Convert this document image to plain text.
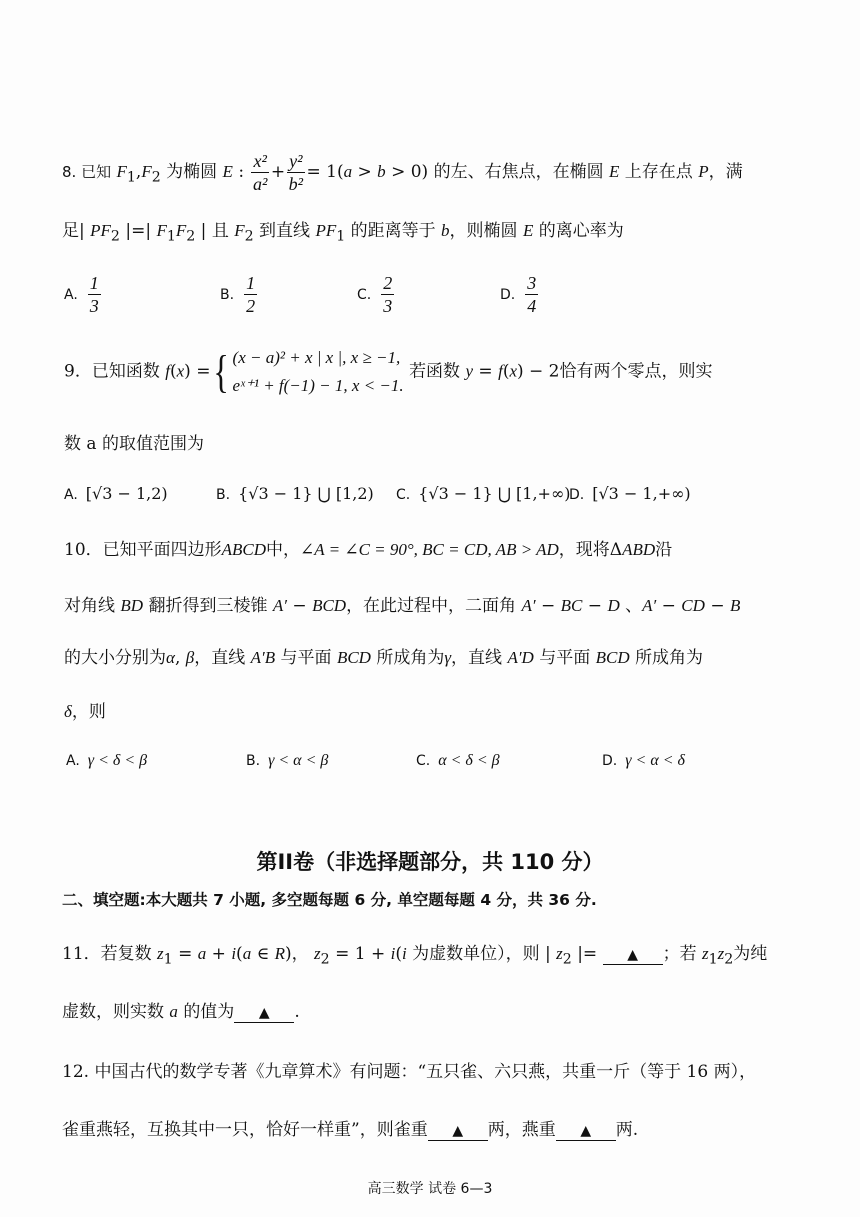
8. 已知 $F_1,F_2$ 为椭圆 E : $\frac{\text{x²}}{\text{a²}} + \frac{\text{y²}}{\text{b²}} = 1(a > b > 0)$ 的左、右焦点，在椭圆 E 上存在点 P，满
足| $PF_2$ |=| $F_1F_2$ | 且 $F_2$ 到直线 $PF_1$ 的距离等于 b，则椭圆 E 的离心率为
A. $\frac{1}{3}$	B. $\frac{1}{2}$	C. $\frac{2}{3}$	D. $\frac{3}{4}$
9．已知函数 f(x) ={ (x − a)² + x | x |, x ≥ −1,
eˣ⁺¹ + f(−1) − 1, x < −1.
若函数 y = f(x) − 2恰有两个零点，则实
数 a 的取值范围为
A. [√3 − 1,2)	B. {√3 − 1} ⋃ [1,2) C. {√3 − 1} ⋃ [1,+∞)
D. [√3 − 1,+∞)
10．已知平面四边形ABCD中，∠A = ∠C = 90°, BC = CD, AB > AD，现将ΔABD沿
对角线 BD 翻折得到三棱锥 A′ − BCD，在此过程中，二面角 A′ − BC − D 、A′ − CD − B
的大小分别为α, β，直线 A′B 与平面 BCD 所成角为γ，直线 A′D 与平面 BCD 所成角为
δ，则
A. γ < δ < β	B. γ < α < β	C. α < δ < β	D. γ < α < δ
第II卷（非选择题部分，共 110 分）
二、填空题:本大题共 7 小题, 多空题每题 6 分, 单空题每题 4 分，共 36 分.
11．若复数 $z_1 = a + i(a$ ∈ R)， $z_2 = 1 + i(i$ 为虚数单位），则 | $z_2$ |= ▲ ；若 $z_1z_2$为纯
虚数，则实数 a 的值为 ▲ .
12. 中国古代的数学专著《九章算术》有问题：“五只雀、六只燕，共重一斤（等于 16 两），
雀重燕轻，互换其中一只，恰好一样重”，则雀重 ▲ 两，燕重 ▲ 两.
高三数学 试卷 6—3
